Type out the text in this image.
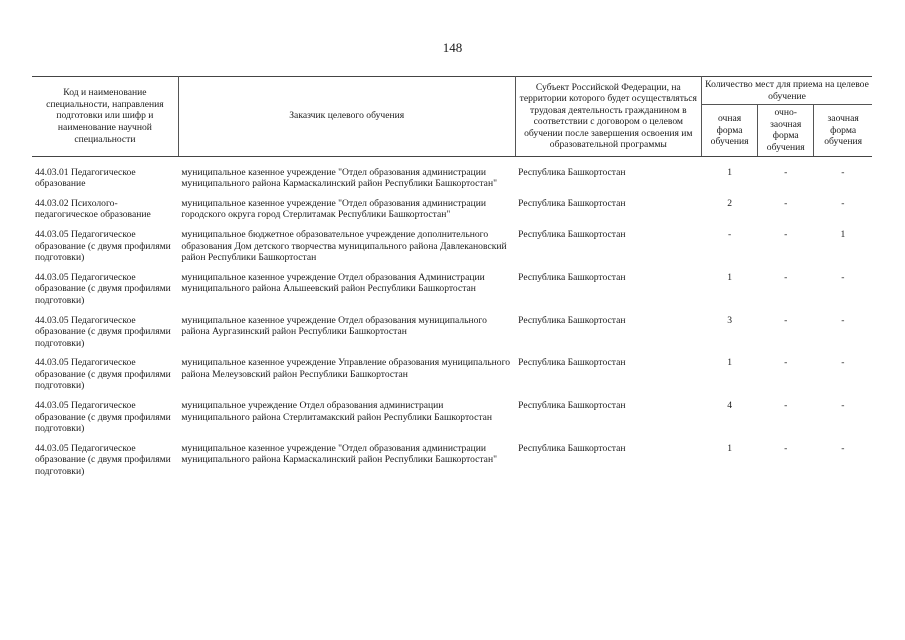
148
Код и наименование специальности, направления подготовки или шифр и наименование научной специальности	Заказчик целевого обучения	Субъект Российской Федерации, на территории которого будет осуществляться трудовая деятельность гражданином в соответствии с договором о целевом обучении после завершения освоения им образовательной программы	Количество мест для приема на целевое обучение		
			очная форма обучения	очно-заочная форма обучения	заочная форма обучения

44.03.01 Педагогическое образование	муниципальное казенное учреждение "Отдел образования администрации муниципального района Кармаскалинский район Республики Башкортостан"	Республика Башкортостан	1	-	-
44.03.02 Психолого-педагогическое образование	муниципальное казенное учреждение "Отдел образования администрации городского округа город Стерлитамак Республики Башкортостан"	Республика Башкортостан	2	-	-
44.03.05 Педагогическое образование (с двумя профилями подготовки)	муниципальное бюджетное образовательное учреждение дополнительного образования Дом детского творчества муниципального района Давлекановский район Республики Башкортостан	Республика Башкортостан	-	-	1
44.03.05 Педагогическое образование (с двумя профилями подготовки)	муниципальное казенное учреждение Отдел образования Администрации муниципального района Альшеевский район Республики Башкортостан	Республика Башкортостан	1	-	-
44.03.05 Педагогическое образование (с двумя профилями подготовки)	муниципальное казенное учреждение Отдел образования муниципального района Аургазинский район Республики Башкортостан	Республика Башкортостан	3	-	-
44.03.05 Педагогическое образование (с двумя профилями подготовки)	муниципальное казенное учреждение Управление образования муниципального района Мелеузовский район Республики Башкортостан	Республика Башкортостан	1	-	-
44.03.05 Педагогическое образование (с двумя профилями подготовки)	муниципальное учреждение Отдел образования администрации муниципального района Стерлитамакский район Республики Башкортостан	Республика Башкортостан	4	-	-
44.03.05 Педагогическое образование (с двумя профилями подготовки)	муниципальное казенное учреждение "Отдел образования администрации муниципального района Кармаскалинский район Республики Башкортостан"	Республика Башкортостан	1	-	-
